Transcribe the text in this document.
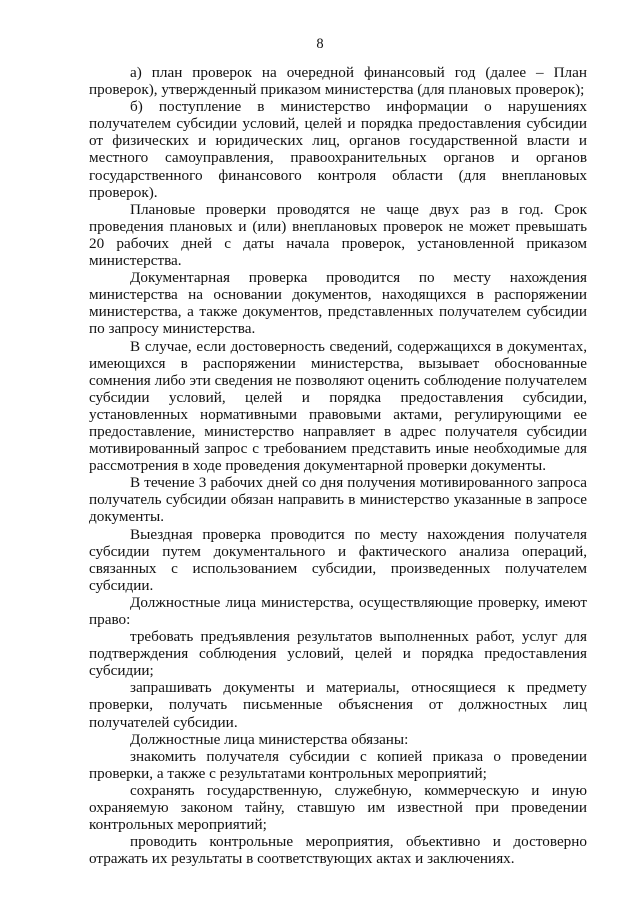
8

а) план проверок на очередной финансовый год (далее – План проверок), утвержденный приказом министерства (для плановых проверок);

б) поступление в министерство информации о нарушениях получателем субсидии условий, целей и порядка предоставления субсидии от физических и юридических лиц, органов государственной власти и местного самоуправления, правоохранительных органов и органов государственного финансового контроля области (для внеплановых проверок).

Плановые проверки проводятся не чаще двух раз в год. Срок проведения плановых и (или) внеплановых проверок не может превышать 20 рабочих дней с даты начала проверок, установленной приказом министерства.

Документарная проверка проводится по месту нахождения министерства на основании документов, находящихся в распоряжении министерства, а также документов, представленных получателем субсидии по запросу министерства.

В случае, если достоверность сведений, содержащихся в документах, имеющихся в распоряжении министерства, вызывает обоснованные сомнения либо эти сведения не позволяют оценить соблюдение получателем субсидии условий, целей и порядка предоставления субсидии, установленных нормативными правовыми актами, регулирующими ее предоставление, министерство направляет в адрес получателя субсидии мотивированный запрос с требованием представить иные необходимые для рассмотрения в ходе проведения документарной проверки документы.

В течение 3 рабочих дней со дня получения мотивированного запроса получатель субсидии обязан направить в министерство указанные в запросе документы.

Выездная проверка проводится по месту нахождения получателя субсидии путем документального и фактического анализа операций, связанных с использованием субсидии, произведенных получателем субсидии.

Должностные лица министерства, осуществляющие проверку, имеют право:

требовать предъявления результатов выполненных работ, услуг для подтверждения соблюдения условий, целей и порядка предоставления субсидии;

запрашивать документы и материалы, относящиеся к предмету проверки, получать письменные объяснения от должностных лиц получателей субсидии.

Должностные лица министерства обязаны:

знакомить получателя субсидии с копией приказа о проведении проверки, а также с результатами контрольных мероприятий;

сохранять государственную, служебную, коммерческую и иную охраняемую законом тайну, ставшую им известной при проведении контрольных мероприятий;

проводить контрольные мероприятия, объективно и достоверно отражать их результаты в соответствующих актах и заключениях.
